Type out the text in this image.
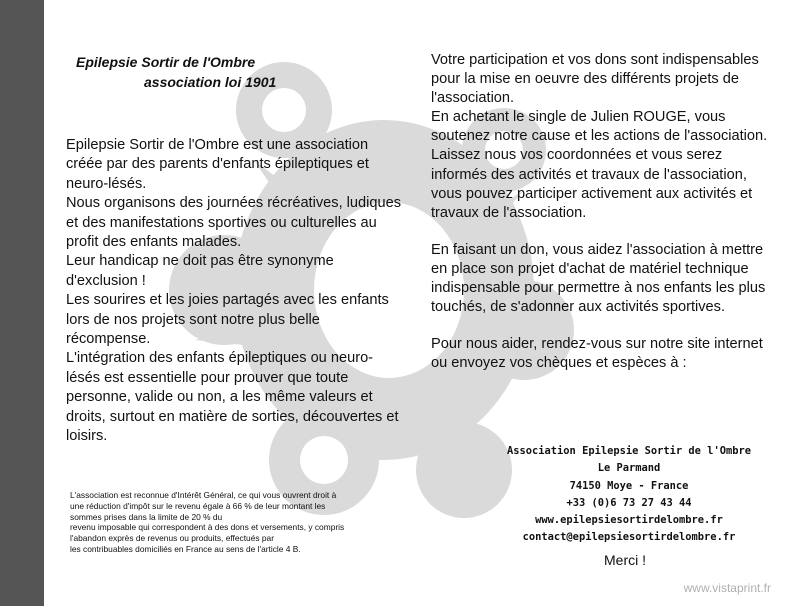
Epilepsie Sortir de l'Ombre
association loi 1901

Epilepsie Sortir de l'Ombre est une association créée par des parents d'enfants épileptiques et neuro-lésés.

Nous organisons des journées récréatives, ludiques et des manifestations sportives ou culturelles au profit des enfants malades.

Leur handicap ne doit pas être synonyme d'exclusion !

Les sourires et les joies partagés avec les enfants lors de nos projets sont notre plus belle récompense.

L'intégration des enfants épileptiques ou neuro-lésés est essentielle pour prouver que toute personne, valide ou non, a les même valeurs et droits, surtout en matière de sorties, découvertes et loisirs.

Votre participation et vos dons sont indispensables pour la mise en oeuvre des différents projets de l'association.

En achetant le single de Julien ROUGE, vous soutenez notre cause et les actions de l'association. Laissez nous vos coordonnées et vous serez informés des activités et travaux de l'association, vous pouvez participer activement aux activités et travaux de l'association.

En faisant un don, vous aidez l'association à mettre en place son projet d'achat de matériel technique indispensable pour permettre à nos enfants les plus touchés, de s'adonner aux activités sportives.

Pour nous aider, rendez-vous sur notre site internet ou envoyez vos chèques et espèces à :

Association Epilepsie Sortir de l'Ombre
Le Parmand
74150 Moye - France
+33 (0)6 73 27 43 44
www.epilepsiesortirdelombre.fr
contact@epilepsiesortirdelombre.fr
Merci !

L'association est reconnue d'Intérêt Général, ce qui vous ouvrent droit à

une réduction d'impôt sur le revenu égale à 66 % de leur montant les

sommes prises dans la limite de 20 % du

revenu imposable qui correspondent à des dons et versements, y compris

l'abandon exprès de revenus ou produits, effectués par

les contribuables domiciliés en France au sens de l'article 4 B.

www.vistaprint.fr
